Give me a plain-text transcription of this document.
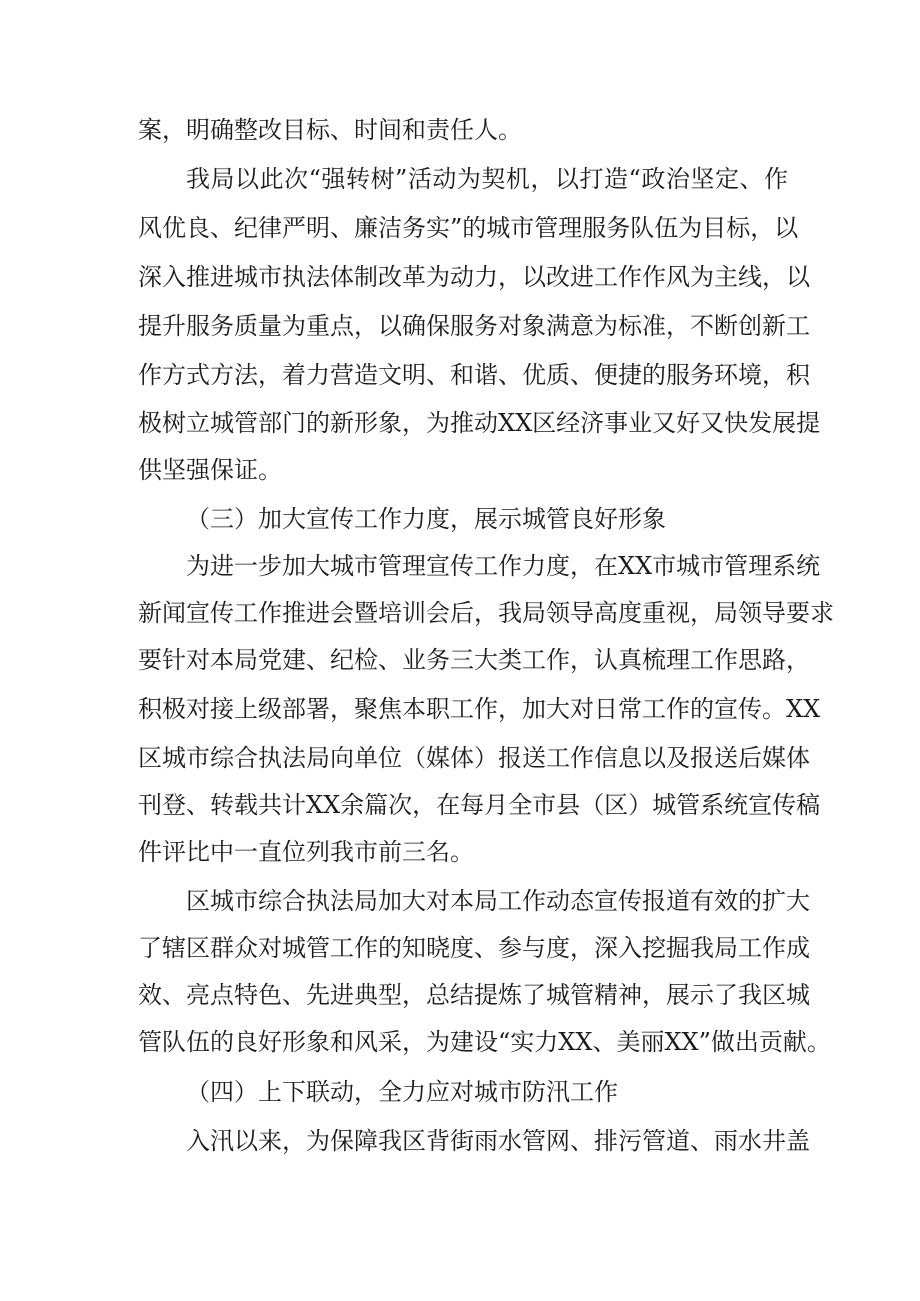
案，明确整改目标、时间和责任人。
我局以此次“强转树”活动为契机，以打造“政治坚定、作
风优良、纪律严明、廉洁务实”的城市管理服务队伍为目标，以
深入推进城市执法体制改革为动力，以改进工作作风为主线，以
提升服务质量为重点，以确保服务对象满意为标准，不断创新工
作方式方法，着力营造文明、和谐、优质、便捷的服务环境，积
极树立城管部门的新形象，为推动XX区经济事业又好又快发展提
供坚强保证。
（三）加大宣传工作力度，展示城管良好形象
为进一步加大城市管理宣传工作力度，在XX市城市管理系统
新闻宣传工作推进会暨培训会后，我局领导高度重视，局领导要求
要针对本局党建、纪检、业务三大类工作，认真梳理工作思路，
积极对接上级部署，聚焦本职工作，加大对日常工作的宣传。XX
区城市综合执法局向单位（媒体）报送工作信息以及报送后媒体
刊登、转载共计XX余篇次，在每月全市县（区）城管系统宣传稿
件评比中一直位列我市前三名。
区城市综合执法局加大对本局工作动态宣传报道有效的扩大
了辖区群众对城管工作的知晓度、参与度，深入挖掘我局工作成
效、亮点特色、先进典型，总结提炼了城管精神，展示了我区城
管队伍的良好形象和风采，为建设“实力XX、美丽XX”做出贡献。
（四）上下联动，全力应对城市防汛工作
入汛以来，为保障我区背街雨水管网、排污管道、雨水井盖
